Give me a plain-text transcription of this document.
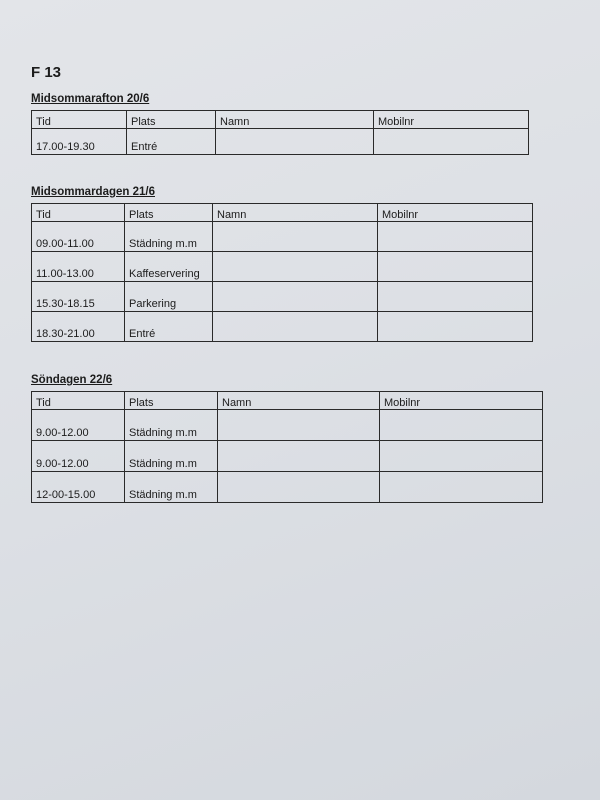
F 13
Midsommarafton 20/6
Tid	Plats	Namn	Mobilnr
17.00-19.30	Entré		
Midsommardagen 21/6
Tid	Plats	Namn	Mobilnr
09.00-11.00	Städning m.m		
11.00-13.00	Kaffeservering		
15.30-18.15	Parkering		
18.30-21.00	Entré		
Söndagen 22/6
Tid	Plats	Namn	Mobilnr
9.00-12.00	Städning m.m		
9.00-12.00	Städning m.m		
12-00-15.00	Städning m.m		
